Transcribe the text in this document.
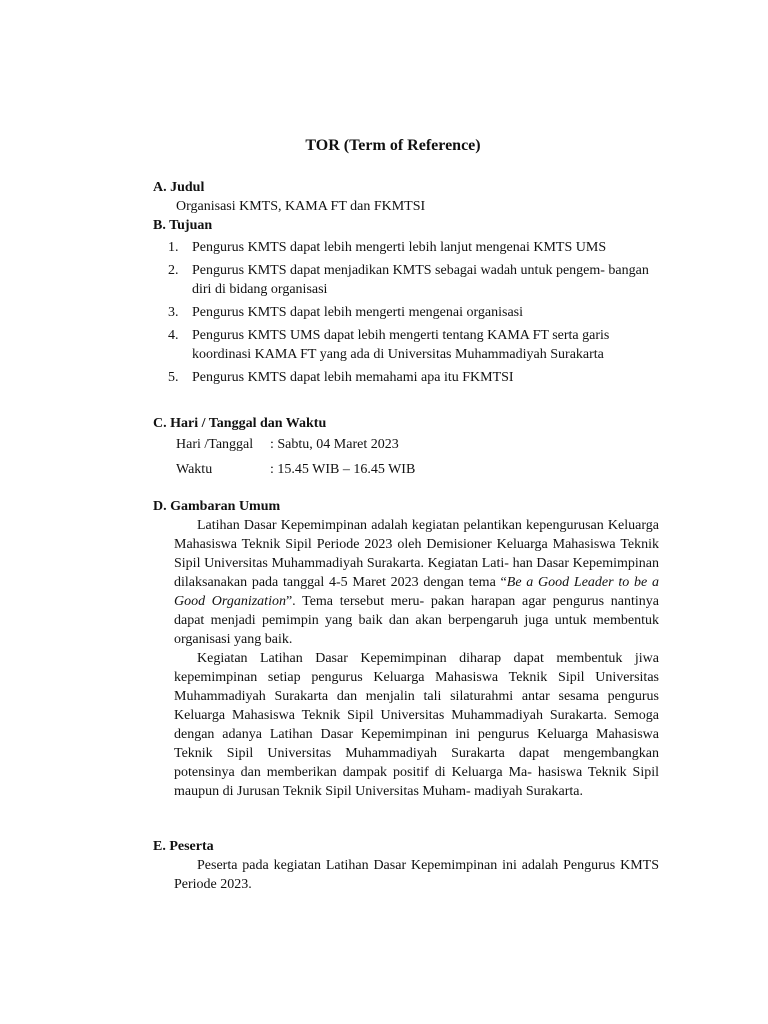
TOR (Term of Reference)
A. Judul
Organisasi KMTS, KAMA FT dan FKMTSI
B. Tujuan
1. Pengurus KMTS dapat lebih mengerti lebih lanjut mengenai KMTS UMS
2. Pengurus KMTS dapat menjadikan KMTS sebagai wadah untuk pengem- bangan diri di bidang organisasi
3. Pengurus KMTS dapat lebih mengerti mengenai organisasi
4. Pengurus KMTS UMS dapat lebih mengerti tentang KAMA FT serta garis koordinasi KAMA FT yang ada di Universitas Muhammadiyah Surakarta
5. Pengurus KMTS dapat lebih memahami apa itu FKMTSI
C. Hari / Tanggal dan Waktu
Hari /Tanggal	: Sabtu, 04 Maret 2023
Waktu	: 15.45 WIB – 16.45 WIB
D. Gambaran Umum

Latihan Dasar Kepemimpinan adalah kegiatan pelantikan kepengurusan Keluarga Mahasiswa Teknik Sipil Periode 2023 oleh Demisioner Keluarga Mahasiswa Teknik Sipil Universitas Muhammadiyah Surakarta. Kegiatan Lati- han Dasar Kepemimpinan dilaksanakan pada tanggal 4-5 Maret 2023 dengan tema “Be a Good Leader to be a Good Organization”. Tema tersebut meru- pakan harapan agar pengurus nantinya dapat menjadi pemimpin yang baik dan akan berpengaruh juga untuk membentuk organisasi yang baik.

Kegiatan Latihan Dasar Kepemimpinan diharap dapat membentuk jiwa kepemimpinan setiap pengurus Keluarga Mahasiswa Teknik Sipil Universitas Muhammadiyah Surakarta dan menjalin tali silaturahmi antar sesama pengurus Keluarga Mahasiswa Teknik Sipil Universitas Muhammadiyah Surakarta. Semoga dengan adanya Latihan Dasar Kepemimpinan ini pengurus Keluarga Mahasiswa Teknik Sipil Universitas Muhammadiyah Surakarta dapat mengembangkan potensinya dan memberikan dampak positif di Keluarga Ma- hasiswa Teknik Sipil maupun di Jurusan Teknik Sipil Universitas Muham- madiyah Surakarta.

E. Peserta

Peserta pada kegiatan Latihan Dasar Kepemimpinan ini adalah Pengurus KMTS Periode 2023.
